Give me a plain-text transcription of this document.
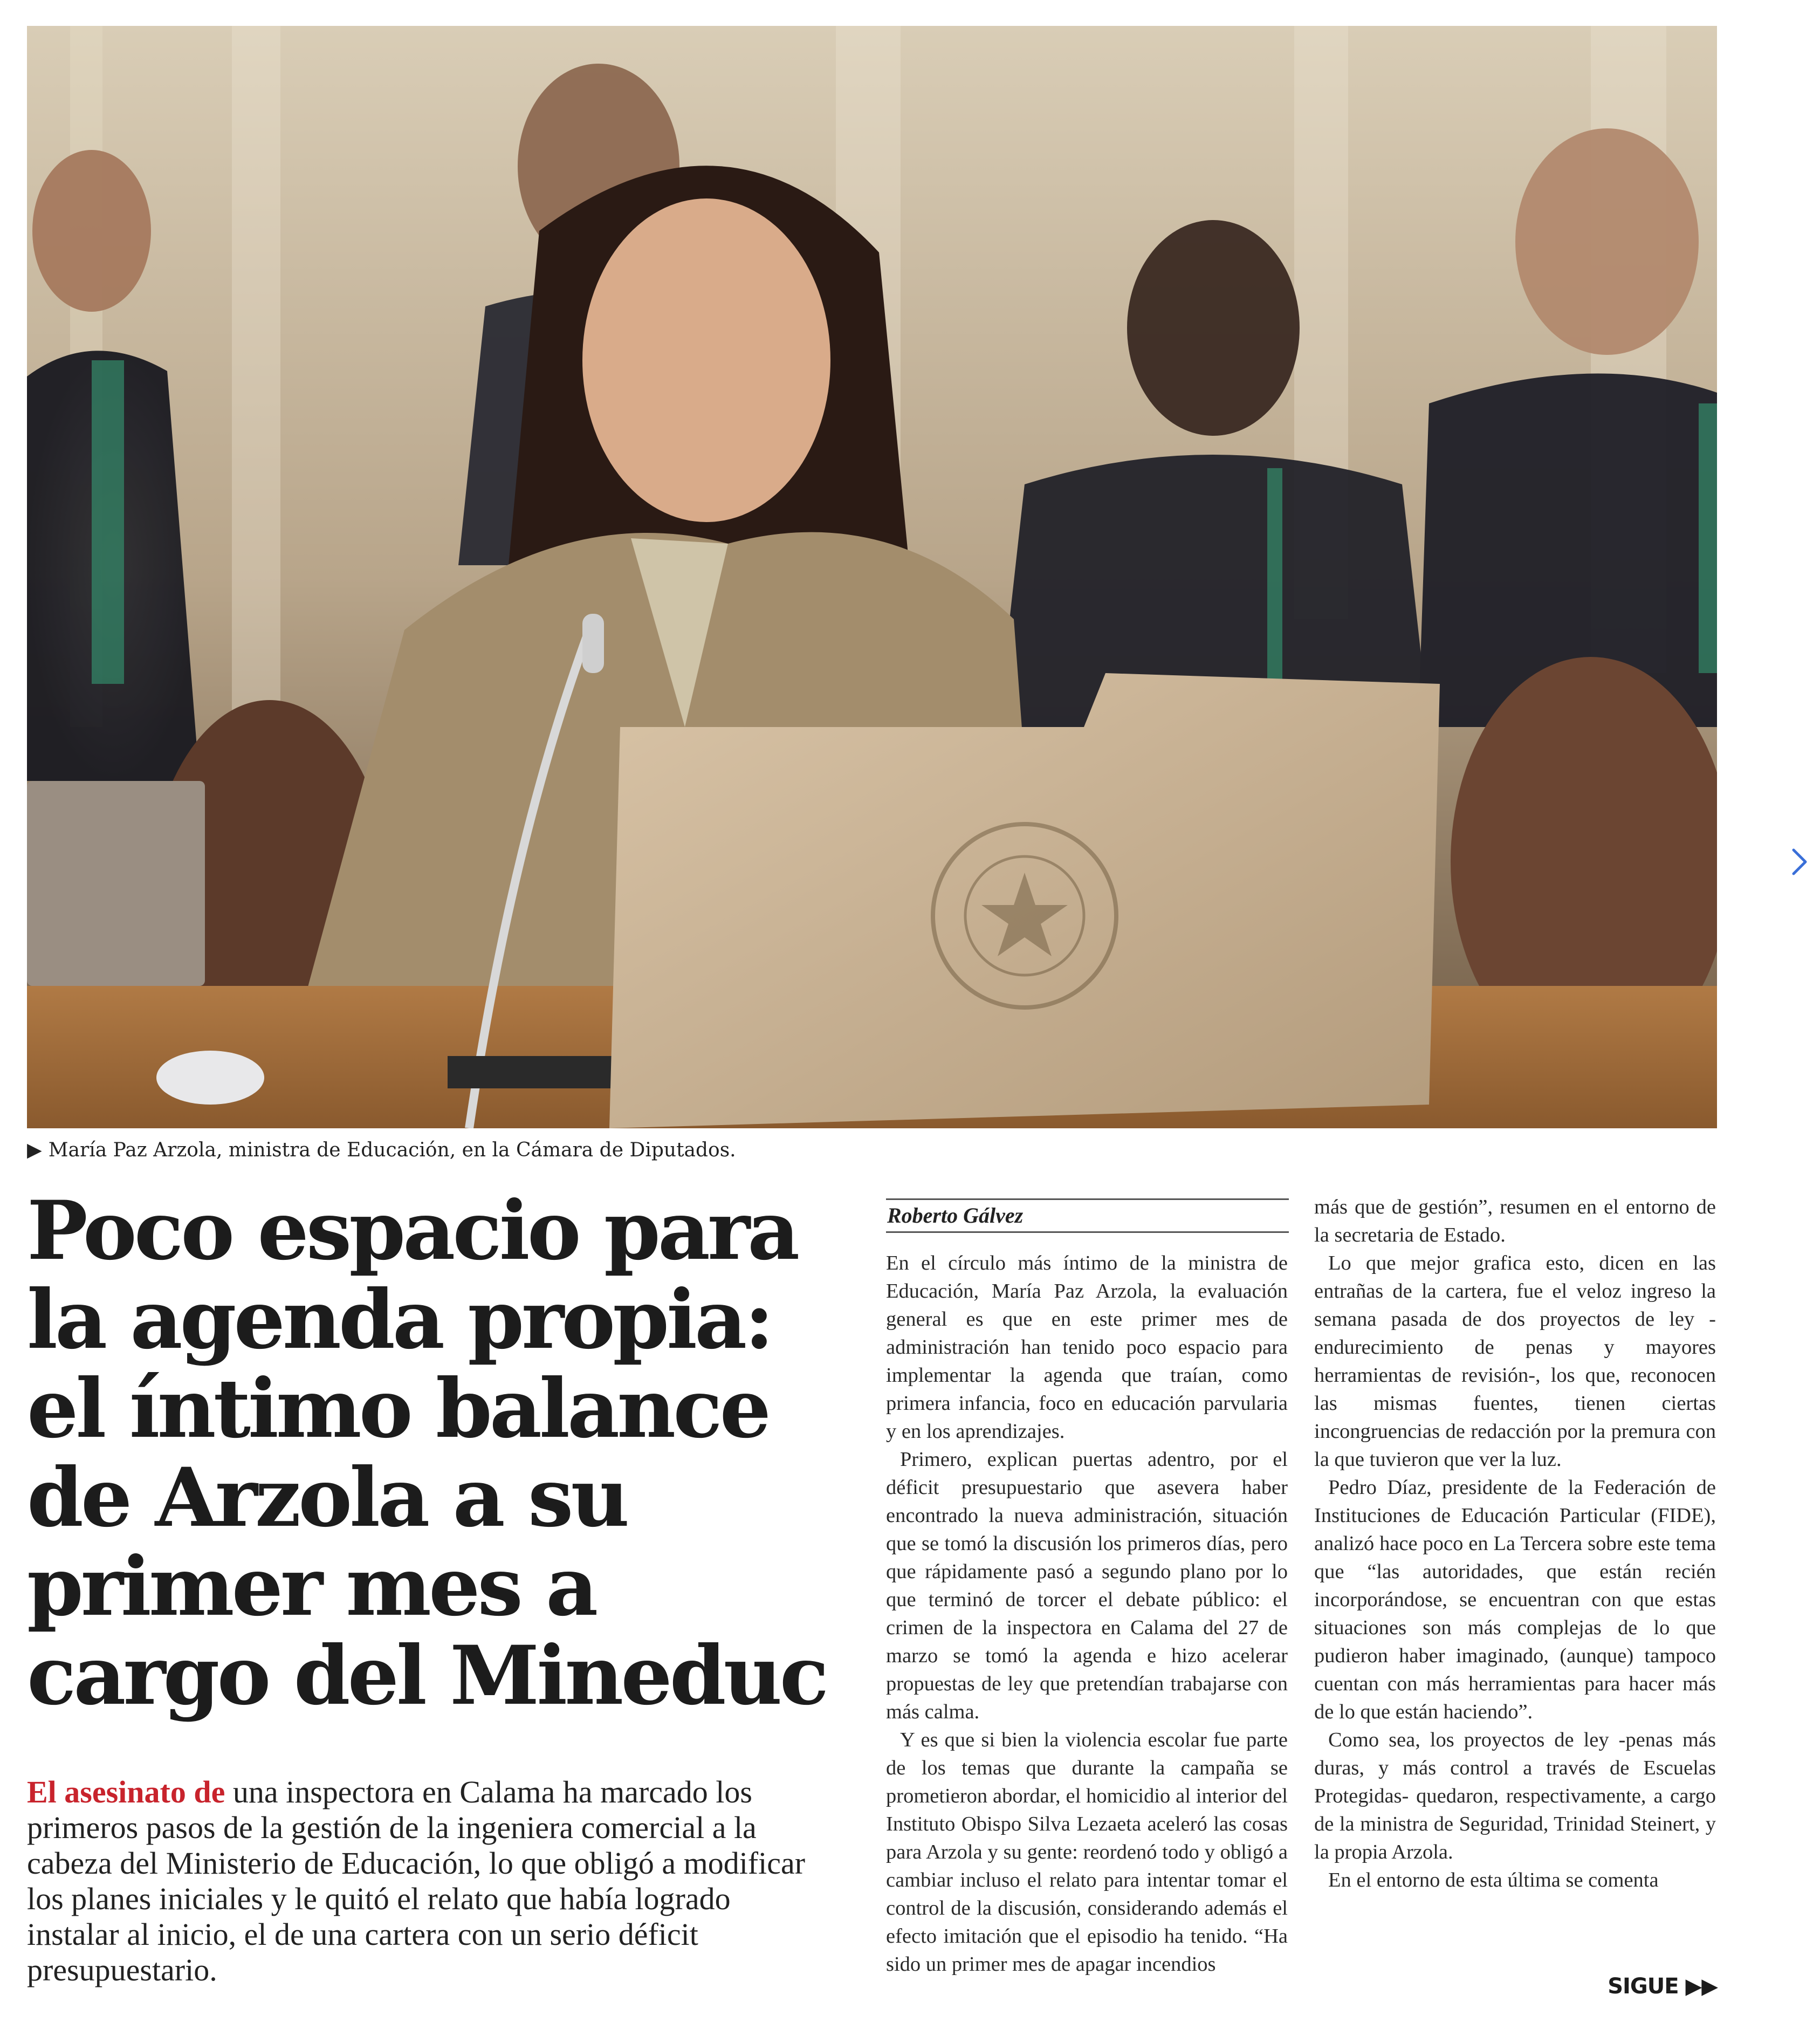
▶ María Paz Arzola, ministra de Educación, en la Cámara de Diputados.
Poco espacio para
la agenda propia:
el íntimo balance
de Arzola a su
primer mes a
cargo del Mineduc
El asesinato de una inspectora en Calama ha marcado los primeros pasos de la gestión de la ingeniera comercial a la cabeza del Ministerio de Educación, lo que obligó a modificar los planes iniciales y le quitó el relato que había logrado instalar al inicio, el de una cartera con un serio déficit presupuestario.
Roberto Gálvez

En el círculo más íntimo de la ministra de Educación, María Paz Arzola, la evaluación general es que en este primer mes de administración han tenido poco espacio para implementar la agenda que traían, como primera infancia, foco en educación parvularia y en los aprendizajes.

Primero, explican puertas adentro, por el déficit presupuestario que asevera haber encontrado la nueva administración, situación que se tomó la discusión los primeros días, pero que rápidamente pasó a segundo plano por lo que terminó de torcer el debate público: el crimen de la inspectora en Calama del 27 de marzo se tomó la agenda e hizo acelerar propuestas de ley que pretendían trabajarse con más calma.

Y es que si bien la violencia escolar fue parte de los temas que durante la campaña se prometieron abordar, el homicidio al interior del Instituto Obispo Silva Lezaeta aceleró las cosas para Arzola y su gente: reordenó todo y obligó a cambiar incluso el relato para intentar tomar el control de la discusión, considerando además el efecto imitación que el episodio ha tenido. “Ha sido un primer mes de apagar incendios

más que de gestión”, resumen en el entorno de la secretaria de Estado.

Lo que mejor grafica esto, dicen en las entrañas de la cartera, fue el veloz ingreso la semana pasada de dos proyectos de ley -endurecimiento de penas y mayores herramientas de revisión-, los que, reconocen las mismas fuentes, tienen ciertas incongruencias de redacción por la premura con la que tuvieron que ver la luz.

Pedro Díaz, presidente de la Federación de Instituciones de Educación Particular (FIDE), analizó hace poco en La Tercera sobre este tema que “las autoridades, que están recién incorporándose, se encuentran con que estas situaciones son más complejas de lo que pudieron haber imaginado, (aunque) tampoco cuentan con más herramientas para hacer más de lo que están haciendo”.

Como sea, los proyectos de ley -penas más duras, y más control a través de Escuelas Protegidas- quedaron, respectivamente, a cargo de la ministra de Seguridad, Trinidad Steinert, y la propia Arzola.

En el entorno de esta última se comenta

SIGUE ▶▶
